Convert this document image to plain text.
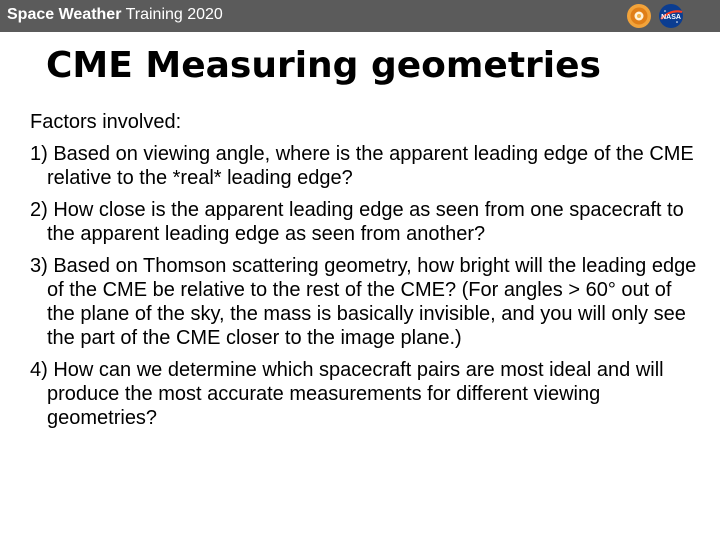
Space Weather Training 2020	NASA
CME Measuring geometries

Factors involved:

1) Based on viewing angle, where is the apparent leading edge of the CME relative to the *real* leading edge?

2) How close is the apparent leading edge as seen from one spacecraft to the apparent leading edge as seen from another?

3) Based on Thomson scattering geometry, how bright will the leading edge of the CME be relative to the rest of the CME? (For angles > 60° out of the plane of the sky, the mass is basically invisible, and you will only see the part of the CME closer to the image plane.)

4) How can we determine which spacecraft pairs are most ideal and will produce the most accurate measurements for different viewing geometries?
